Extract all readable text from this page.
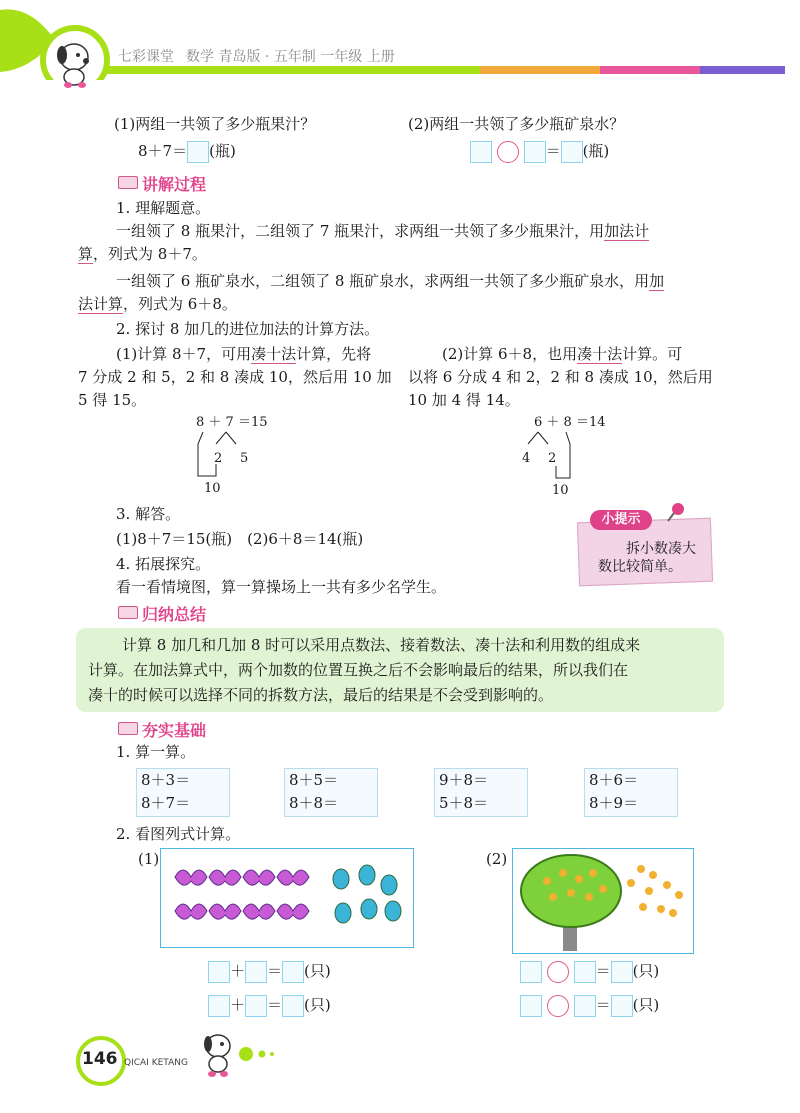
七彩课堂 数学 青岛版 · 五年制 一年级 上册
(1)两组一共领了多少瓶果汁？	(2)两组一共领了多少瓶矿泉水？
8＋7＝ (瓶)	＝ (瓶)
讲解过程
1. 理解题意。
一组领了 8 瓶果汁，二组领了 7 瓶果汁，求两组一共领了多少瓶果汁，用加法计
算，列式为 8＋7。
一组领了 6 瓶矿泉水，二组领了 8 瓶矿泉水，求两组一共领了多少瓶矿泉水，用加
法计算，列式为 6＋8。
2. 探讨 8 加几的进位加法的计算方法。
(1)计算 8＋7，可用凑十法计算，先将
7 分成 2 和 5，2 和 8 凑成 10，然后用 10 加
5 得 15。
(2)计算 6＋8，也用凑十法计算。可
以将 6 分成 4 和 2，2 和 8 凑成 10，然后用
10 加 4 得 14。
8 ＋ 7 ＝15
2 5
10
6 ＋ 8 ＝14
4 2
10
3. 解答。
(1)8＋7＝15(瓶)　(2)6＋8＝14(瓶)
4. 拓展探究。
看一看情境图，算一算操场上一共有多少名学生。
小提示
拆小数凑大
数比较简单。
归纳总结
计算 8 加几和几加 8 时可以采用点数法、接着数法、凑十法和利用数的组成来
计算。在加法算式中，两个加数的位置互换之后不会影响最后的结果，所以我们在
凑十的时候可以选择不同的拆数方法，最后的结果是不会受到影响的。
夯实基础
1. 算一算。
8＋3＝
8＋7＝
8＋5＝
8＋8＝
9＋8＝
5＋8＝
8＋6＝
8＋9＝
2. 看图列式计算。
(1)	(2)
＋ ＝ (只)
＋ ＝ (只)
＝ (只)
＝ (只)
146 QICAI KETANG
